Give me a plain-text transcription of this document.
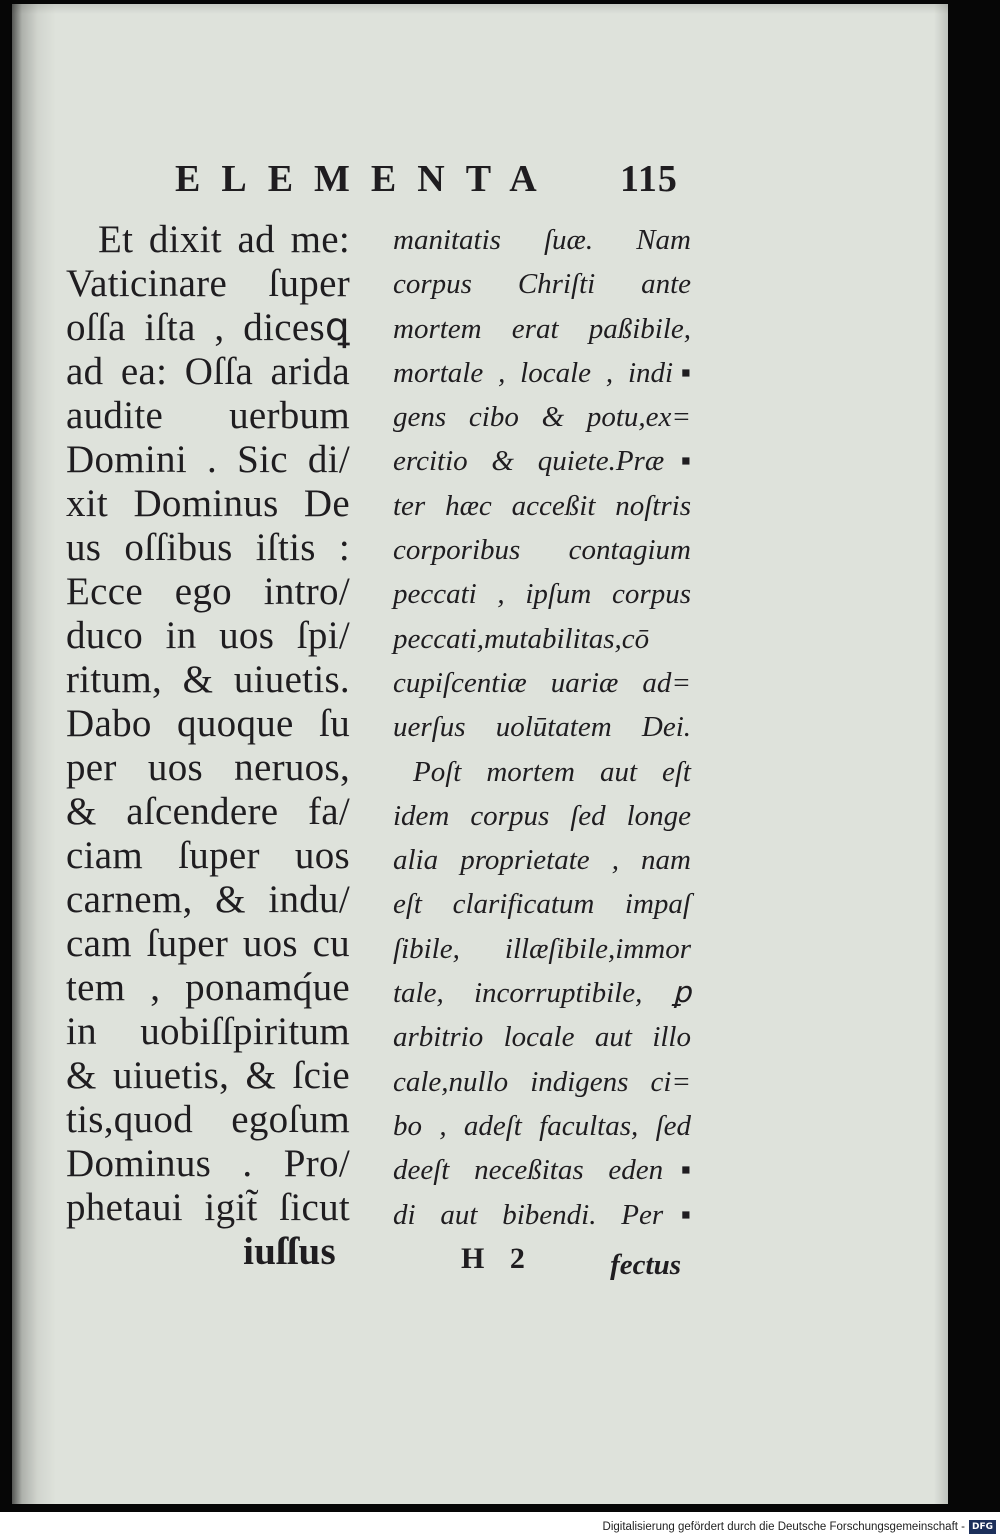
ELEMENTA 115
Et dixit ad me:
Vaticinare ſuper
oſſa iſta , dicesꝗ
ad ea: Oſſa arida
audite uerbum
Domini . Sic di/
xit Dominus De
us oſſibus iſtis :
Ecce ego intro/
duco in uos ſpi/
ritum, & uiuetis.
Dabo quoque ſu
per uos neruos,
& aſcendere fa/
ciam ſuper uos
carnem, & indu/
cam ſuper uos cu
tem , ponamq́ue
in uobiſſpiritum
& uiuetis, & ſcie
tis,quod egoſum
Dominus . Pro/
phetaui igit̃ ſicut
iuſſus
manitatis ſuæ. Nam
corpus Chriſti ante
mortem erat paßibile,
mortale , locale , indi▪
gens cibo & potu,ex=
ercitio & quiete.Præ▪
ter hæc acceßit noſtris
corporibus contagium
peccati , ipſum corpus
peccati,mutabilitas,cō
cupiſcentiæ uariæ ad=
uerſus uolūtatem Dei.
Poſt mortem aut eſt
idem corpus ſed longe
alia proprietate , nam
eſt clarificatum impaſ
ſibile, illæſibile,immor
tale, incorruptibile, ꝑ
arbitrio locale aut illo
cale,nullo indigens ci=
bo , adeſt facultas, ſed
deeſt neceßitas eden▪
di aut bibendi. Per▪
H 2	fectus
Digitalisierung gefördert durch die Deutsche Forschungsgemeinschaft - DFG
